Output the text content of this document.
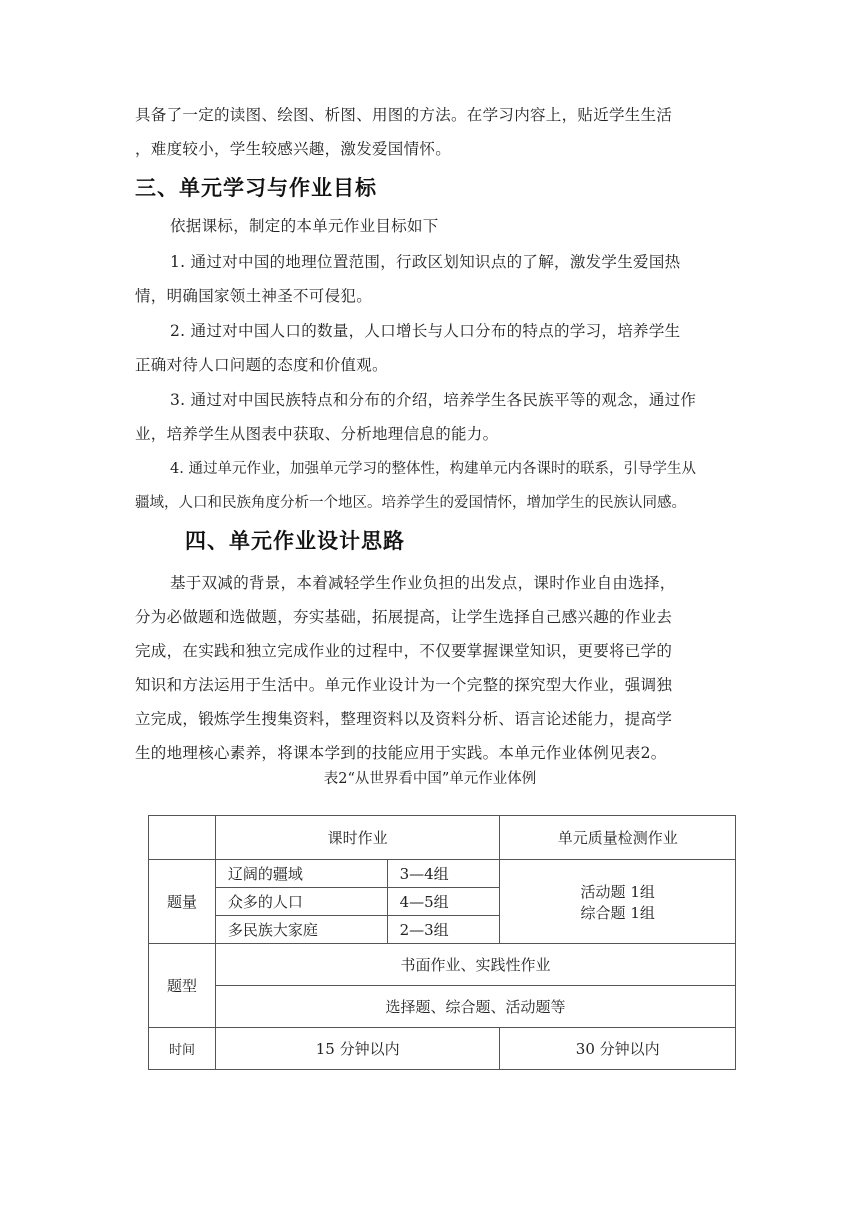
具备了一定的读图、绘图、析图、用图的方法。在学习内容上，贴近学生生活
，难度较小，学生较感兴趣，激发爱国情怀。
三、单元学习与作业目标
依据课标，制定的本单元作业目标如下
1. 通过对中国的地理位置范围，行政区划知识点的了解，激发学生爱国热
情，明确国家领土神圣不可侵犯。
2. 通过对中国人口的数量，人口增长与人口分布的特点的学习，培养学生
正确对待人口问题的态度和价值观。
3. 通过对中国民族特点和分布的介绍，培养学生各民族平等的观念，通过作
业，培养学生从图表中获取、分析地理信息的能力。
4. 通过单元作业，加强单元学习的整体性，构建单元内各课时的联系，引导学生从
疆域，人口和民族角度分析一个地区。培养学生的爱国情怀，增加学生的民族认同感。
四、单元作业设计思路
基于双减的背景，本着减轻学生作业负担的出发点，课时作业自由选择，
分为必做题和选做题，夯实基础，拓展提高，让学生选择自己感兴趣的作业去
完成，在实践和独立完成作业的过程中，不仅要掌握课堂知识，更要将已学的
知识和方法运用于生活中。单元作业设计为一个完整的探究型大作业，强调独
立完成，锻炼学生搜集资料，整理资料以及资料分析、语言论述能力，提高学
生的地理核心素养，将课本学到的技能应用于实践。本单元作业体例见表2。
表2“从世界看中国”单元作业体例
	课时作业		单元质量检测作业
题量	辽阔的疆域	3—4组	活动题 1组
综合题 1组

	众多的人口	4—5组	
	多民族大家庭	2—3组	
题型	书面作业、实践性作业		
	选择题、综合题、活动题等		
时间	15 分钟以内		30 分钟以内
